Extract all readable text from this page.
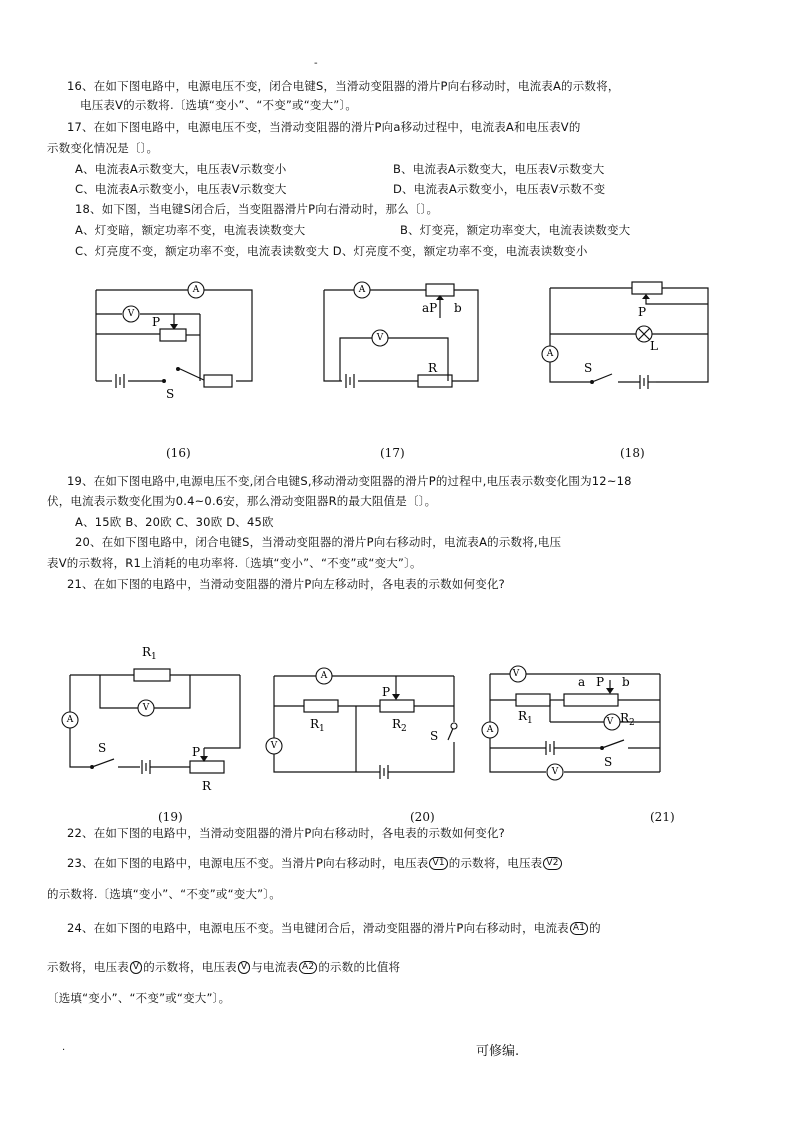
-
16、在如下图电路中，电源电压不变，闭合电键S，当滑动变阻器的滑片P向右移动时，电流表A的示数将，
电压表V的示数将.〔选填“变小”、“不变”或“变大”〕。
17、在如下图电路中，电源电压不变，当滑动变阻器的滑片P向a移动过程中，电流表A和电压表V的
示数变化情况是〔〕。
A、电流表A示数变大，电压表V示数变小	B、电流表A示数变大，电压表V示数变大
C、电流表A示数变小，电压表V示数变大	D、电流表A示数变小，电压表V示数不变
18、如下图，当电键S闭合后，当变阻器滑片P向右滑动时，那么〔〕。
A、灯变暗，额定功率不变，电流表读数变大	B、灯变亮，额定功率变大，电流表读数变大
C、灯亮度不变，额定功率不变，电流表读数变大 D、灯亮度不变，额定功率不变，电流表读数变小
A
V
P
S
A
V
aP b
R
A
P
L
S
(16)	(17)	(18)
19、在如下图电路中,电源电压不变,闭合电键S,移动滑动变阻器的滑片P的过程中,电压表示数变化围为12~18
伏，电流表示数变化围为0.4~0.6安，那么滑动变阻器R的最大阻值是〔〕。
A、15欧 B、20欧 C、30欧 D、45欧
20、在如下图电路中，闭合电键S，当滑动变阻器的滑片P向右移动时，电流表A的示数将,电压
表V的示数将，R1上消耗的电功率将.〔选填“变小”、“不变”或“变大”〕。
21、在如下图的电路中，当滑动变阻器的滑片P向左移动时，各电表的示数如何变化?
$R_1$
V
A
S	P
R
A
V
P
$R_1$	$R_2$ S
V
V
V
A
a P b
$R_1$	$R_2$
S
(19)	(20)	(21)
22、在如下图的电路中，当滑动变阻器的滑片P向右移动时，各电表的示数如何变化?
23、在如下图的电路中，电源电压不变。当滑片P向右移动时，电压表 V1 的示数将，电压表 V2
的示数将.〔选填“变小”、“不变”或“变大”〕。
24、在如下图的电路中，电源电压不变。当电键闭合后，滑动变阻器的滑片P向右移动时，电流表 A1 的
示数将，电压表 V 的示数将，电压表 V 与电流表 A2 的示数的比值将
〔选填“变小”、“不变”或“变大”〕。
.	可修编.
